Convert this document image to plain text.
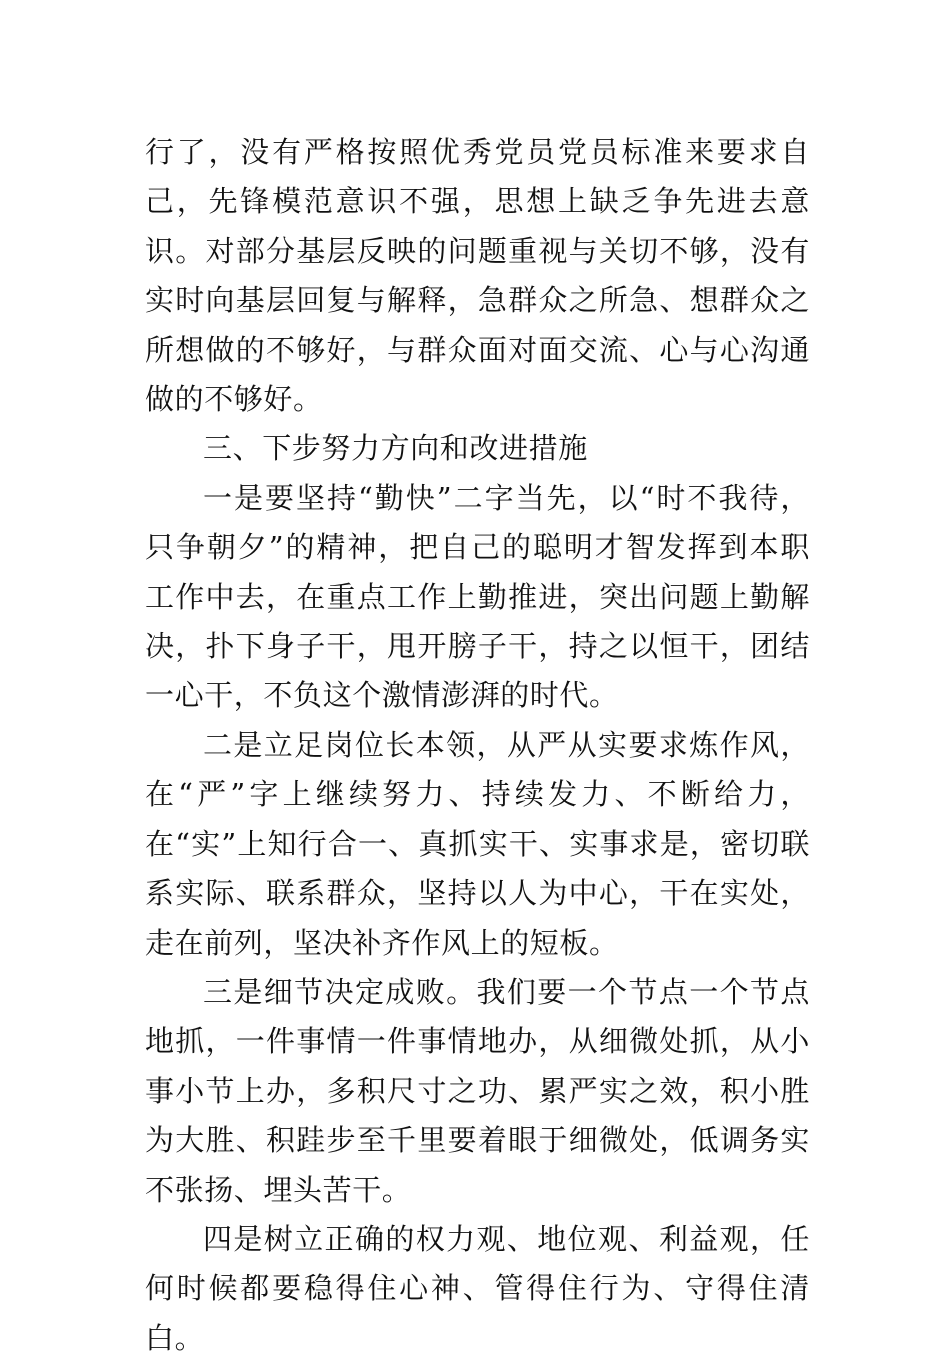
行了，没有严格按照优秀党员党员标准来要求自己，先锋模范意识不强，思想上缺乏争先进去意识。对部分基层反映的问题重视与关切不够，没有实时向基层回复与解释，急群众之所急、想群众之所想做的不够好，与群众面对面交流、心与心沟通做的不够好。

三、下步努力方向和改进措施

一是要坚持“勤快”二字当先，以“时不我待，只争朝夕”的精神，把自己的聪明才智发挥到本职工作中去，在重点工作上勤推进，突出问题上勤解决，扑下身子干，甩开膀子干，持之以恒干，团结一心干，不负这个激情澎湃的时代。

二是立足岗位长本领，从严从实要求炼作风，在“严”字上继续努力、持续发力、不断给力，在“实”上知行合一、真抓实干、实事求是，密切联系实际、联系群众，坚持以人为中心，干在实处，走在前列，坚决补齐作风上的短板。

三是细节决定成败。我们要一个节点一个节点地抓，一件事情一件事情地办，从细微处抓，从小事小节上办，多积尺寸之功、累严实之效，积小胜为大胜、积跬步至千里要着眼于细微处，低调务实不张扬、埋头苦干。

四是树立正确的权力观、地位观、利益观，任何时候都要稳得住心神、管得住行为、守得住清白。
